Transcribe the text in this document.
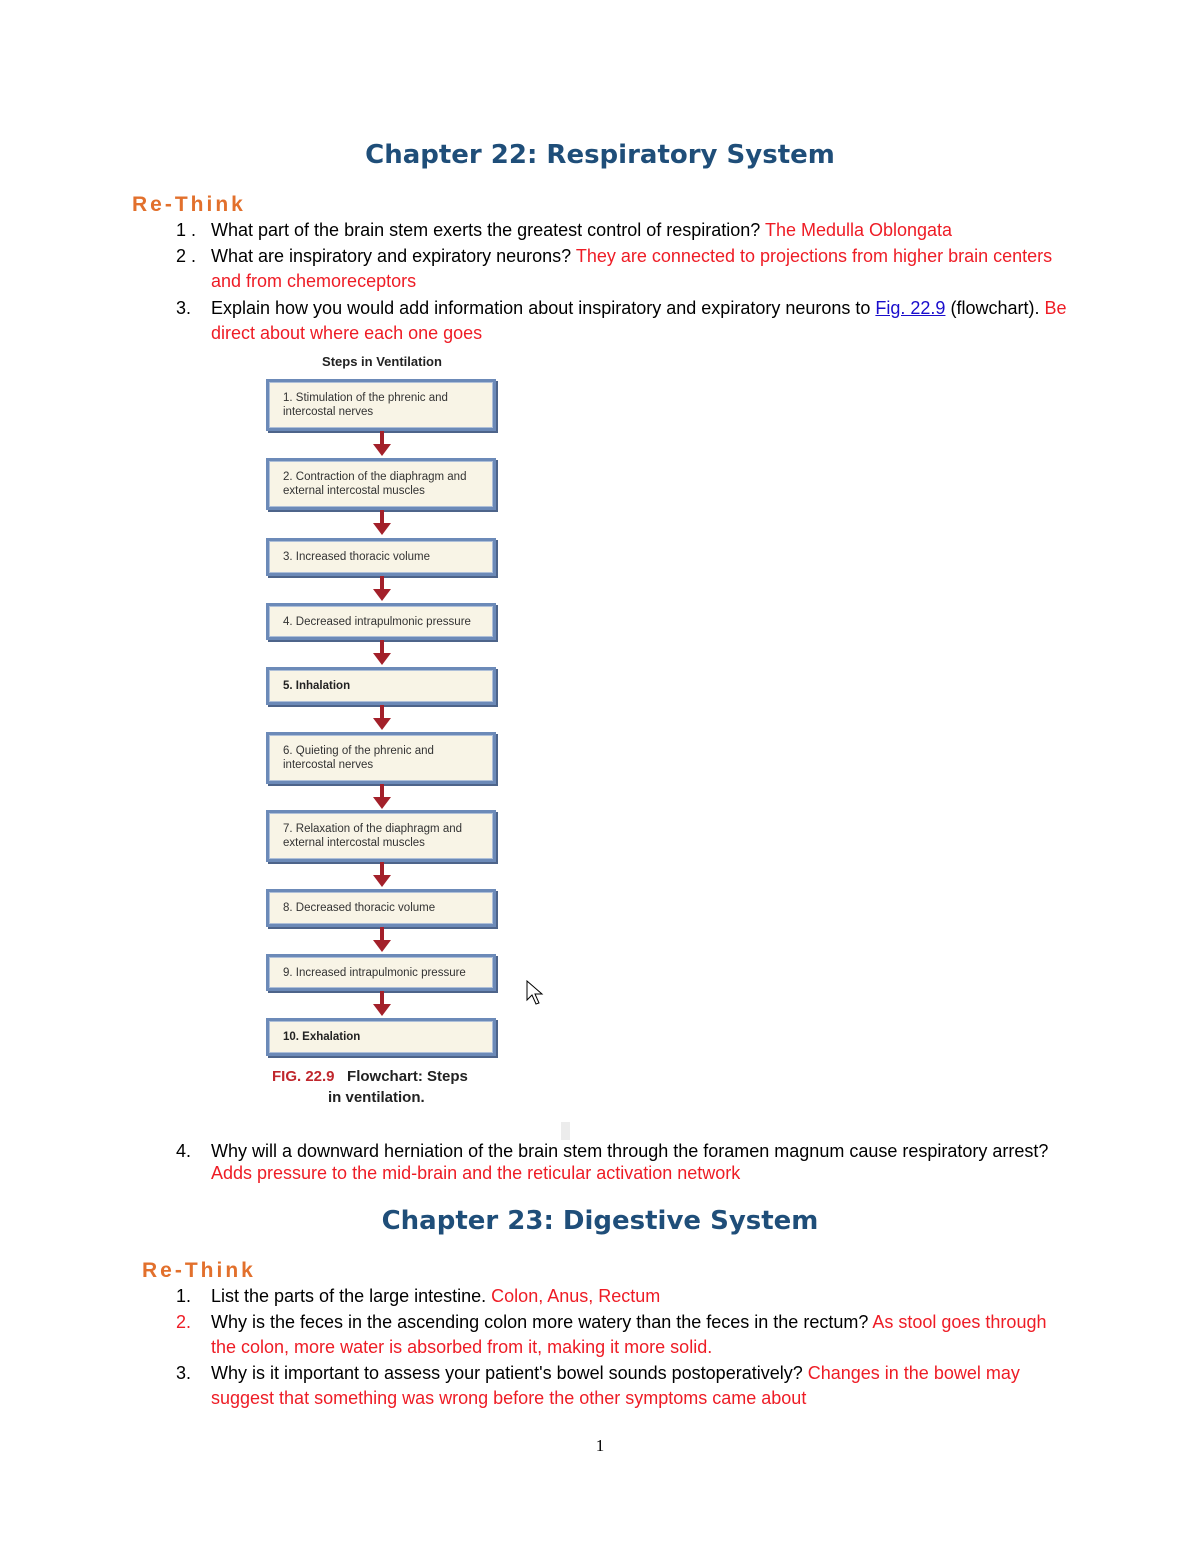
Chapter 22: Respiratory System
Re-Think
1 . What part of the brain stem exerts the greatest control of respiration? The Medulla Oblongata
2 . What are inspiratory and expiratory neurons? They are connected to projections from higher brain centers and from chemoreceptors
3. Explain how you would add information about inspiratory and expiratory neurons to Fig. 22.9 (flowchart). Be direct about where each one goes
Steps in Ventilation
1. Stimulation of the phrenic and intercostal nerves
2. Contraction of the diaphragm and external intercostal muscles
3. Increased thoracic volume
4. Decreased intrapulmonic pressure
5. Inhalation
6. Quieting of the phrenic and intercostal nerves
7. Relaxation of the diaphragm and external intercostal muscles
8. Decreased thoracic volume
9. Increased intrapulmonic pressure
10. Exhalation
FIG. 22.9 Flowchart: Steps
in ventilation.
4. Why will a downward herniation of the brain stem through the foramen magnum cause respiratory arrest? Adds pressure to the mid-brain and the reticular activation network
Chapter 23: Digestive System
Re-Think
1. List the parts of the large intestine. Colon, Anus, Rectum
2. Why is the feces in the ascending colon more watery than the feces in the rectum? As stool goes through the colon, more water is absorbed from it, making it more solid.
3. Why is it important to assess your patient's bowel sounds postoperatively? Changes in the bowel may suggest that something was wrong before the other symptoms came about
1
